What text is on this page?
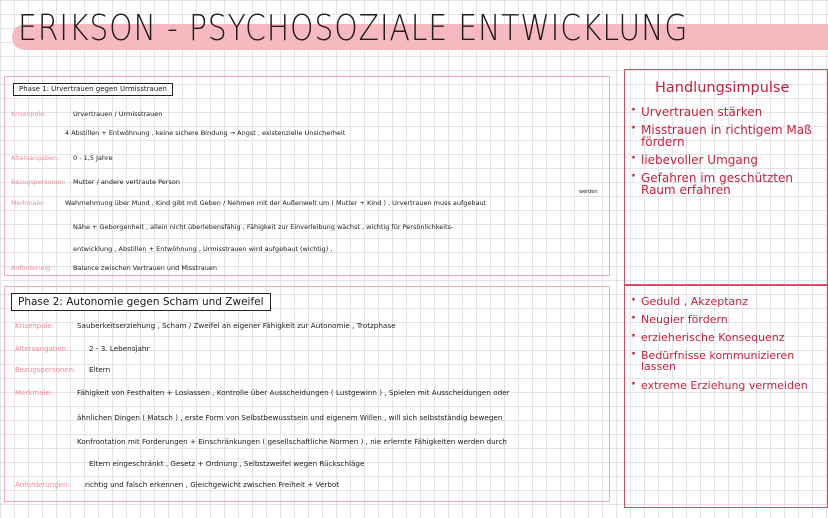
ERIKSON - PSYCHOSOZIALE ENTWICKLUNG
Phase 1: Urvertrauen gegen Urmisstrauen
Krisenpole:	Urvertrauen / Urmisstrauen
4 Abstillen + Entwöhnung , keine sichere Bindung → Angst , existenzielle Unsicherheit
Altersangaben: 0 - 1,5 Jahre
Bezugspersonen: Mutter / andere vertraute Person
Merkmale:	Wahrnehmung über Mund , Kind gibt mit Geben / Nehmen mit der Außenwelt um ( Mutter + Kind ) , Urvertrauen muss aufgebaut
werden
Nähe + Geborgenheit , allein nicht überlebensfähig , Fähigkeit zur Einverleibung wächst , wichtig für Persönlichkeits-
entwicklung , Abstillen + Entwöhnung , Urmisstrauen wird aufgebaut (wichtig) ,
Anforderung:	Balance zwischen Vertrauen und Misstrauen
Phase 2: Autonomie gegen Scham und Zweifel
Krisenpole:	Sauberkeitserziehung , Scham / Zweifel an eigener Fähigkeit zur Autonomie , Trotzphase
Altersangaben:	2 - 3. Lebensjahr
Bezugspersonen: Eltern
Merkmale:	Fähigkeit von Festhalten + Loslassen , Kontrolle über Ausscheidungen ( Lustgewinn ) , Spielen mit Ausscheidungen oder
ähnlichen Dingen ( Matsch ) , erste Form von Selbstbewusstsein und eigenem Willen , will sich selbstständig bewegen
Konfrontation mit Forderungen + Einschränkungen ( gesellschaftliche Normen ) , nie erlernte Fähigkeiten werden durch
Eltern eingeschränkt , Gesetz + Ordnung , Selbstzweifel wegen Rückschläge
Anforderungen: richtig und falsch erkennen , Gleichgewicht zwischen Freiheit + Verbot
Handlungsimpulse
· Urvertrauen stärken
· Misstrauen in richtigem Maß fördern
· liebevoller Umgang
· Gefahren im geschützten Raum erfahren
· Geduld , Akzeptanz
· Neugier fördern
· erzieherische Konsequenz
· Bedürfnisse kommunizieren lassen
· extreme Erziehung vermeiden
